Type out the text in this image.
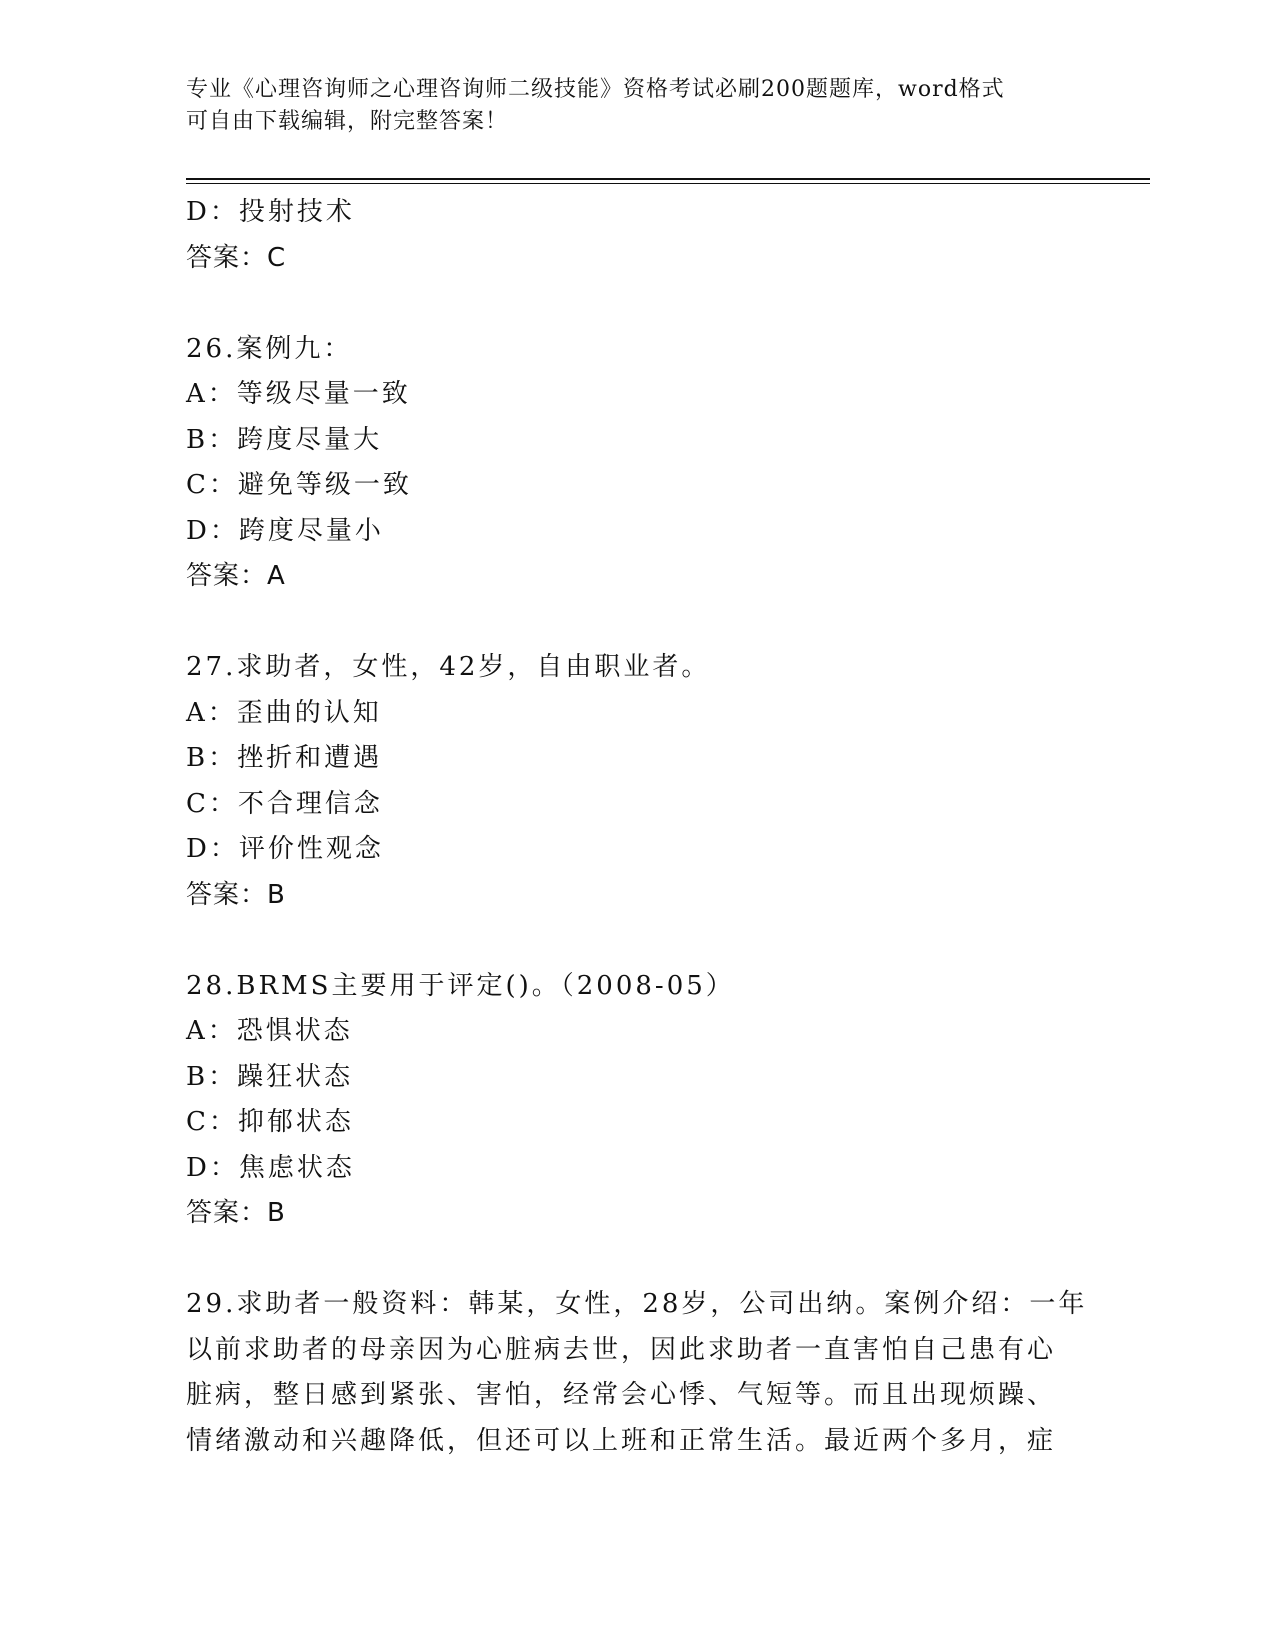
专业《心理咨询师之心理咨询师二级技能》资格考试必刷200题题库，word格式
可自由下载编辑，附完整答案！
D：投射技术
答案：C
26.案例九：
A：等级尽量一致
B：跨度尽量大
C：避免等级一致
D：跨度尽量小
答案：A
27.求助者，女性，42岁，自由职业者。
A：歪曲的认知
B：挫折和遭遇
C：不合理信念
D：评价性观念
答案：B
28.BRMS主要用于评定()。（2008-05）
A：恐惧状态
B：躁狂状态
C：抑郁状态
D：焦虑状态
答案：B
29.求助者一般资料：韩某，女性，28岁，公司出纳。案例介绍：一年
以前求助者的母亲因为心脏病去世，因此求助者一直害怕自己患有心
脏病，整日感到紧张、害怕，经常会心悸、气短等。而且出现烦躁、
情绪激动和兴趣降低，但还可以上班和正常生活。最近两个多月，症
